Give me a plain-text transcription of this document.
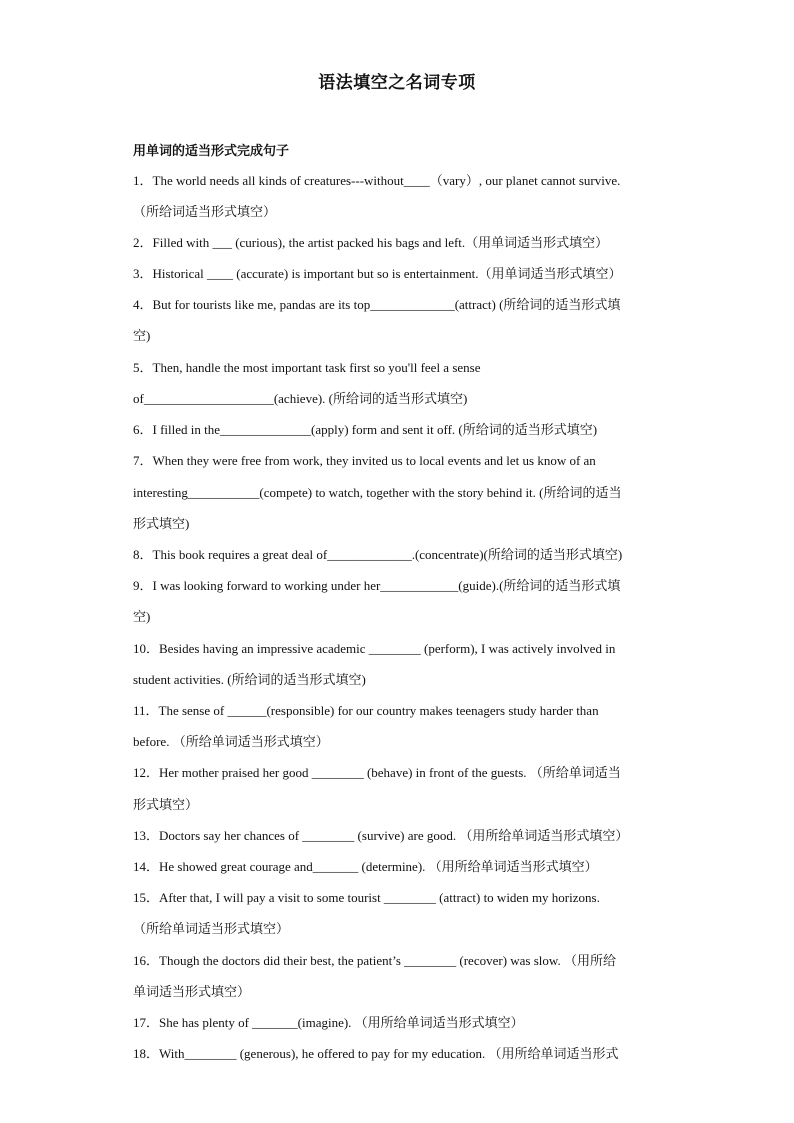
语法填空之名词专项
用单词的适当形式完成句子
1．The world needs all kinds of creatures---without____（vary）, our planet cannot survive.
（所给词适当形式填空）
2．Filled with ___ (curious), the artist packed his bags and left.（用单词适当形式填空）
3．Historical ____ (accurate) is important but so is entertainment.（用单词适当形式填空）
4．But for tourists like me, pandas are its top_____________(attract) (所给词的适当形式填
空)
5．Then, handle the most important task first so you'll feel a sense
of____________________(achieve). (所给词的适当形式填空)
6．I filled in the______________(apply) form and sent it off. (所给词的适当形式填空)
7．When they were free from work, they invited us to local events and let us know of an
interesting___________(compete) to watch, together with the story behind it. (所给词的适当
形式填空)
8．This book requires a great deal of_____________.(concentrate)(所给词的适当形式填空)
9．I was looking forward to working under her____________(guide).(所给词的适当形式填
空)
10．Besides having an impressive academic ________ (perform), I was actively involved in
student activities. (所给词的适当形式填空)
11．The sense of ______(responsible) for our country makes teenagers study harder than
before. （所给单词适当形式填空）
12．Her mother praised her good ________ (behave) in front of the guests. （所给单词适当
形式填空）
13．Doctors say her chances of ________ (survive) are good. （用所给单词适当形式填空）
14．He showed great courage and_______ (determine). （用所给单词适当形式填空）
15．After that, I will pay a visit to some tourist ________ (attract) to widen my horizons.
（所给单词适当形式填空）
16．Though the doctors did their best, the patient’s ________ (recover) was slow. （用所给
单词适当形式填空）
17．She has plenty of _______(imagine). （用所给单词适当形式填空）
18．With________ (generous), he offered to pay for my education. （用所给单词适当形式
